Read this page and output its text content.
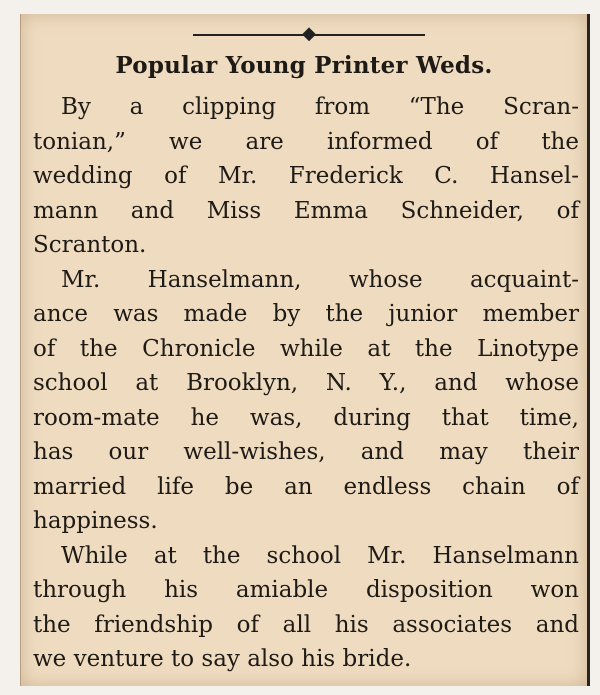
◆
Popular Young Printer Weds.
By a clipping from “The Scran-
tonian,” we are informed of the
wedding of Mr. Frederick C. Hansel-
mann and Miss Emma Schneider, of
Scranton.
Mr. Hanselmann, whose acquaint-
ance was made by the junior member
of the Chronicle while at the Linotype
school at Brooklyn, N. Y., and whose
room-mate he was, during that time,
has our well-wishes, and may their
married life be an endless chain of
happiness.
While at the school Mr. Hanselmann
through his amiable disposition won
the friendship of all his associates and
we venture to say also his bride.
